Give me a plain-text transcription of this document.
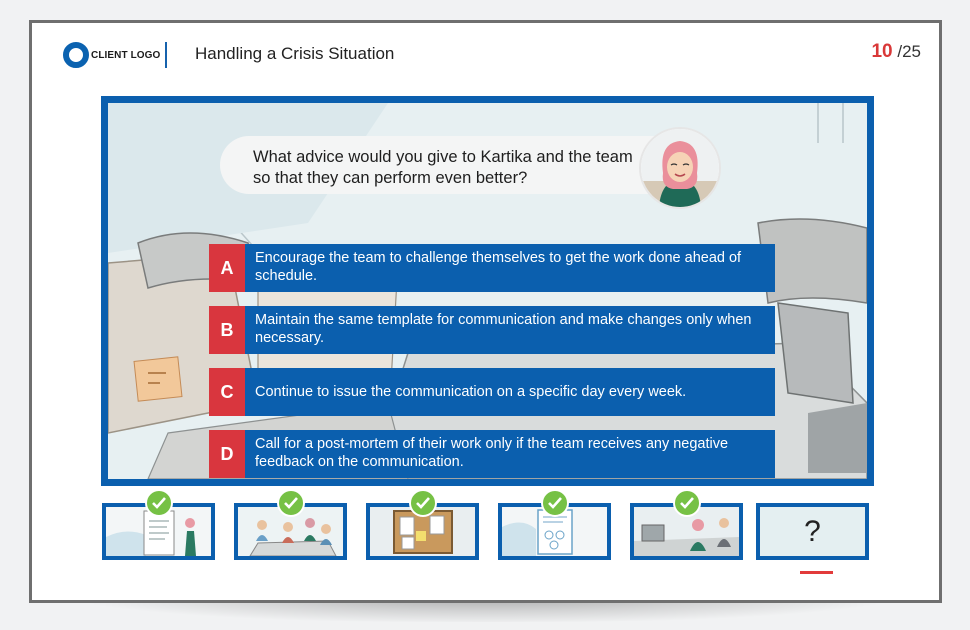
CLIENT LOGO Handling a Crisis Situation	10 /25
What advice would you give to Kartika and the team so that they can perform even better?
A	Encourage the team to challenge themselves to get the work done ahead of schedule.
B	Maintain the same template for communication and make changes only when necessary.
C	Continue to issue the communication on a specific day every week.
D	Call for a post-mortem of their work only if the team receives any negative feedback on the communication.
?
